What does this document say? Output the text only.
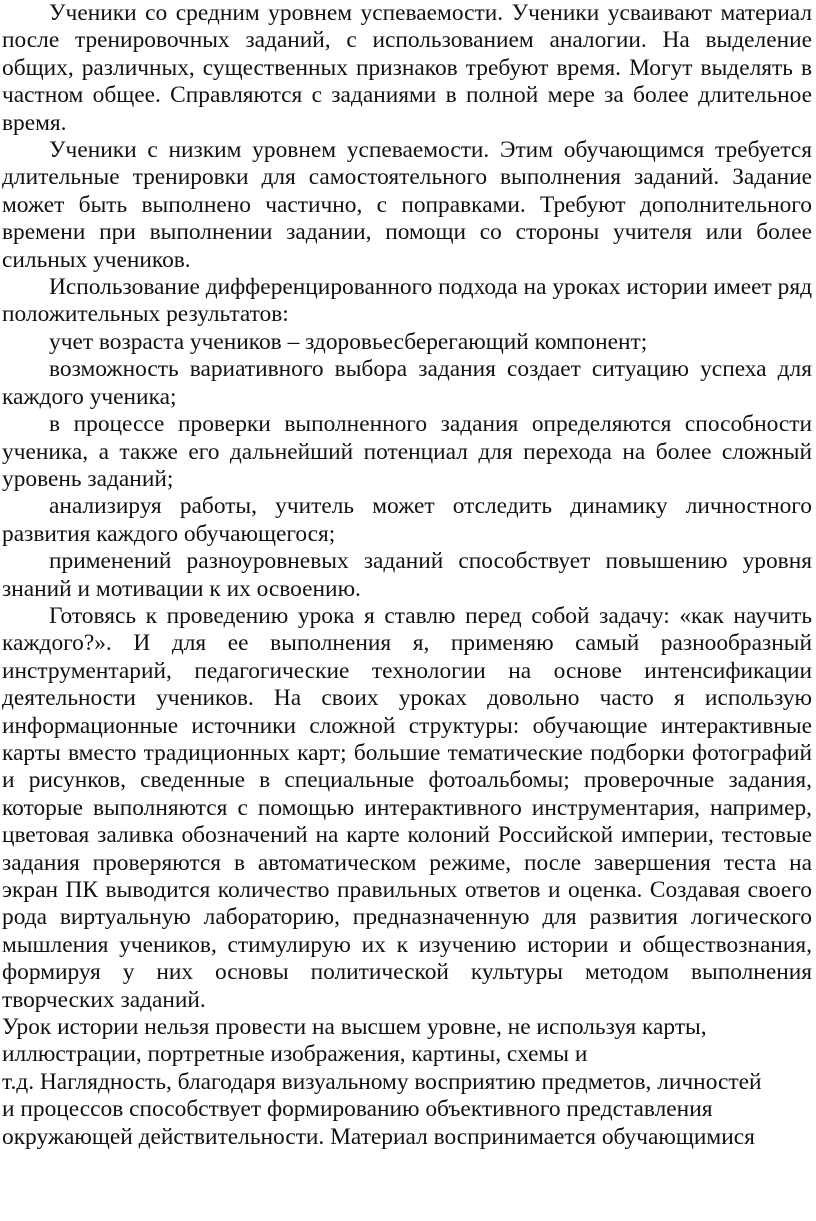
Ученики со средним уровнем успеваемости. Ученики усваивают материал после тренировочных заданий, с использованием аналогии. На выделение общих, различных, существенных признаков требуют время. Могут выделять в частном общее. Справляются с заданиями в полной мере за более длительное время.

Ученики с низким уровнем успеваемости. Этим обучающимся требуется длительные тренировки для самостоятельного выполнения заданий. Задание может быть выполнено частично, с поправками. Требуют дополнительного времени при выполнении задании, помощи со стороны учителя или более сильных учеников.

Использование дифференцированного подхода на уроках истории имеет ряд положительных результатов:

учет возраста учеников – здоровьесберегающий компонент;

возможность вариативного выбора задания создает ситуацию успеха для каждого ученика;

в процессе проверки выполненного задания определяются способности ученика, а также его дальнейший потенциал для перехода на более сложный уровень заданий;

анализируя работы, учитель может отследить динамику личностного развития каждого обучающегося;

применений разноуровневых заданий способствует повышению уровня знаний и мотивации к их освоению.

Готовясь к проведению урока я ставлю перед собой задачу: «как научить каждого?». И для ее выполнения я, применяю самый разнообразный инструментарий, педагогические технологии на основе интенсификации деятельности учеников. На своих уроках довольно часто я использую информационные источники сложной структуры: обучающие интерактивные карты вместо традиционных карт; большие тематические подборки фотографий и рисунков, сведенные в специальные фотоальбомы; проверочные задания, которые выполняются с помощью интерактивного инструментария, например, цветовая заливка обозначений на карте колоний Российской империи, тестовые задания проверяются в автоматическом режиме, после завершения теста на экран ПК выводится количество правильных ответов и оценка. Создавая своего рода виртуальную лабораторию, предназначенную для развития логического мышления учеников, стимулирую их к изучению истории и обществознания, формируя у них основы политической культуры методом выполнения творческих заданий.

Урок истории нельзя провести на высшем уровне, не используя карты,
иллюстрации, портретные изображения, картины, схемы и
т.д. Наглядность, благодаря визуальному восприятию предметов, личностей
и процессов способствует формированию объективного представления
окружающей действительности. Материал воспринимается обучающимися
